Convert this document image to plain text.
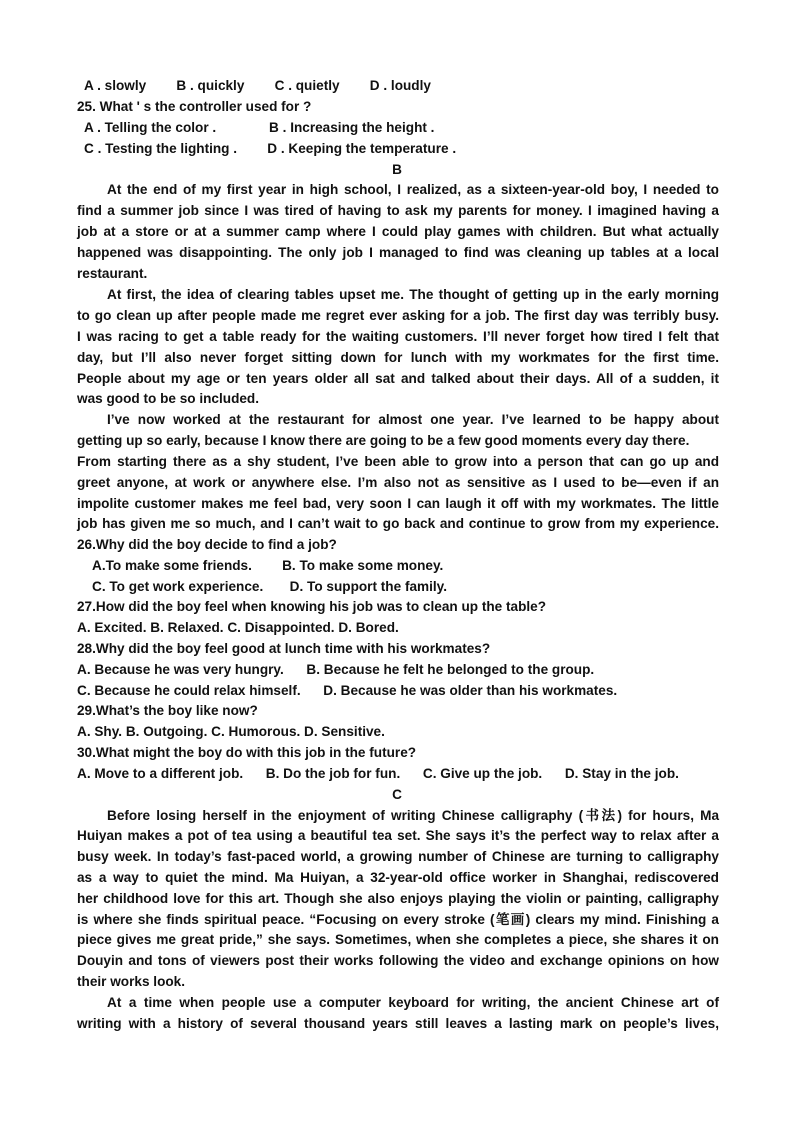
A . slowly        B . quickly        C . quietly        D . loudly
25. What ' s the controller used for ?
A . Telling the color .              B . Increasing the height .
C . Testing the lighting .        D . Keeping the temperature .
B
At the end of my first year in high school, I realized, as a sixteen-year-old boy, I needed to
find a summer job since I was tired of having to ask my parents for money. I imagined having a
job at a store or at a summer camp where I could play games with children. But what actually
happened was disappointing. The only job I managed to find was cleaning up tables at a local
restaurant.
At first, the idea of clearing tables upset me. The thought of getting up in the early morning
to go clean up after people made me regret ever asking for a job. The first day was terribly busy.
I was racing to get a table ready for the waiting customers. I’ll never forget how tired I felt that
day, but I’ll also never forget sitting down for lunch with my workmates for the first time.
People about my age or ten years older all sat and talked about their days. All of a sudden, it
was good to be so included.
I’ve now worked at the restaurant for almost one year. I’ve learned to be happy about
getting up so early, because I know there are going to be a few good moments every day there.
From starting there as a shy student, I’ve been able to grow into a person that can go up and
greet anyone, at work or anywhere else. I’m also not as sensitive as I used to be—even if an
impolite customer makes me feel bad, very soon I can laugh it off with my workmates. The little
job has given me so much, and I can’t wait to go back and continue to grow from my experience.
26.Why did the boy decide to find a job?
A.To make some friends.        B. To make some money.
C. To get work experience.       D. To support the family.
27.How did the boy feel when knowing his job was to clean up the table?
A. Excited. B. Relaxed. C. Disappointed. D. Bored.
28.Why did the boy feel good at lunch time with his workmates?
A. Because he was very hungry.      B. Because he felt he belonged to the group.
C. Because he could relax himself.      D. Because he was older than his workmates.
29.What’s the boy like now?
A. Shy. B. Outgoing. C. Humorous. D. Sensitive.
30.What might the boy do with this job in the future?
A. Move to a different job.      B. Do the job for fun.      C. Give up the job.      D. Stay in the job.
C
Before losing herself in the enjoyment of writing Chinese calligraphy (书法) for hours, Ma
Huiyan makes a pot of tea using a beautiful tea set. She says it’s the perfect way to relax after a
busy week. In today’s fast-paced world, a growing number of Chinese are turning to calligraphy
as a way to quiet the mind. Ma Huiyan, a 32-year-old office worker in Shanghai, rediscovered
her childhood love for this art. Though she also enjoys playing the violin or painting, calligraphy
is where she finds spiritual peace. “Focusing on every stroke (笔画) clears my mind. Finishing a
piece gives me great pride,” she says. Sometimes, when she completes a piece, she shares it on
Douyin and tons of viewers post their works following the video and exchange opinions on how
their works look.
At a time when people use a computer keyboard for writing, the ancient Chinese art of
writing with a history of several thousand years still leaves a lasting mark on people’s lives,
